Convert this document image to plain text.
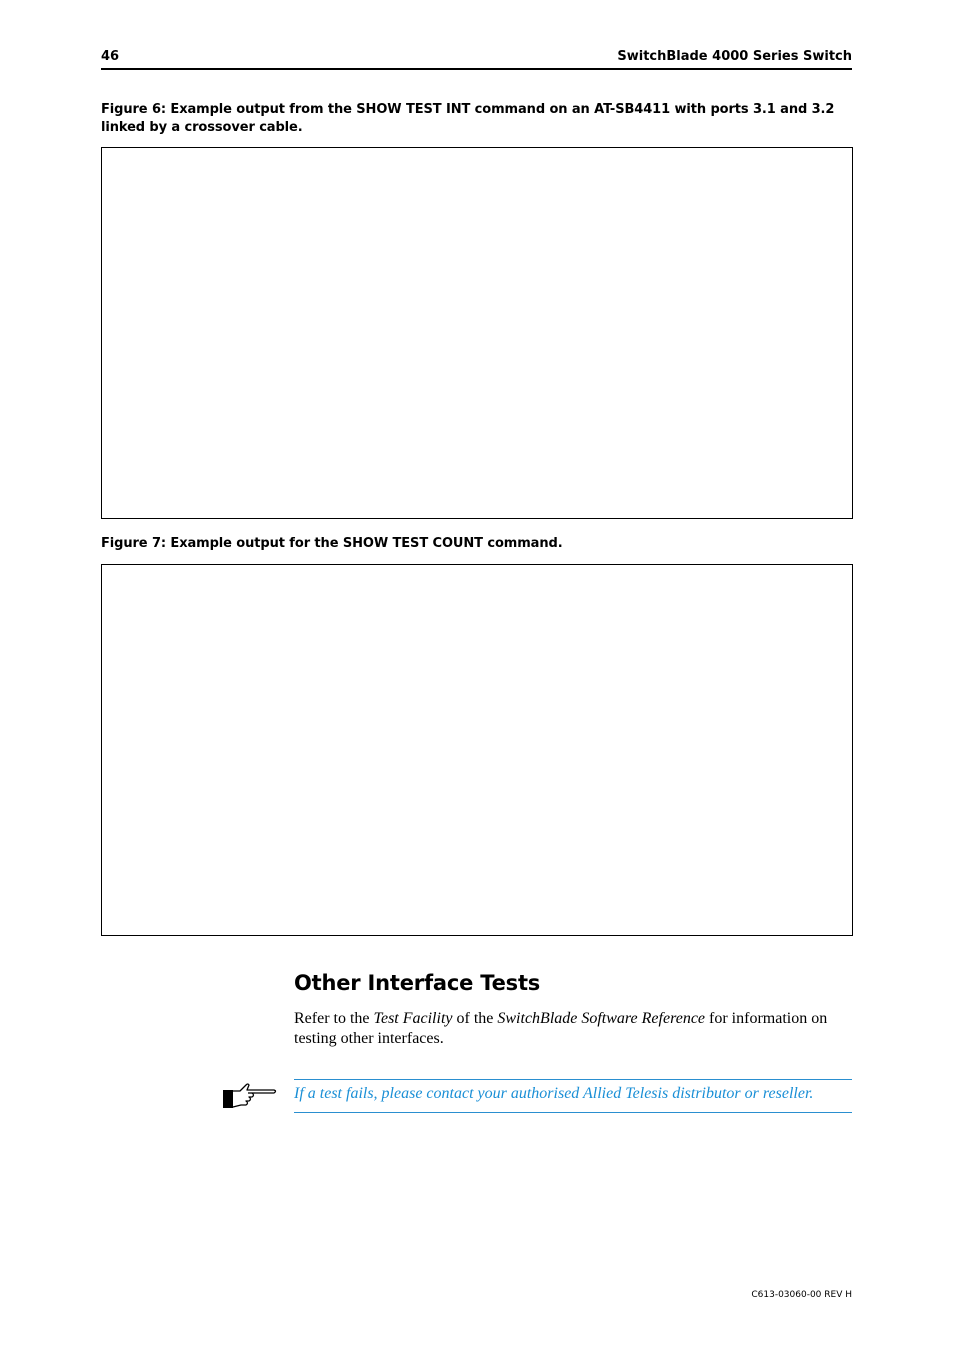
46	SwitchBlade 4000 Series Switch
Figure 6: Example output from the SHOW TEST INT command on an AT-SB4411 with ports 3.1 and 3.2 linked by a crossover cable.
Figure 7: Example output for the SHOW TEST COUNT command.
Other Interface Tests
Refer to the Test Facility of the SwitchBlade Software Reference for information on testing other interfaces.
If a test fails, please contact your authorised Allied Telesis distributor or reseller.
C613-03060-00 REV H
